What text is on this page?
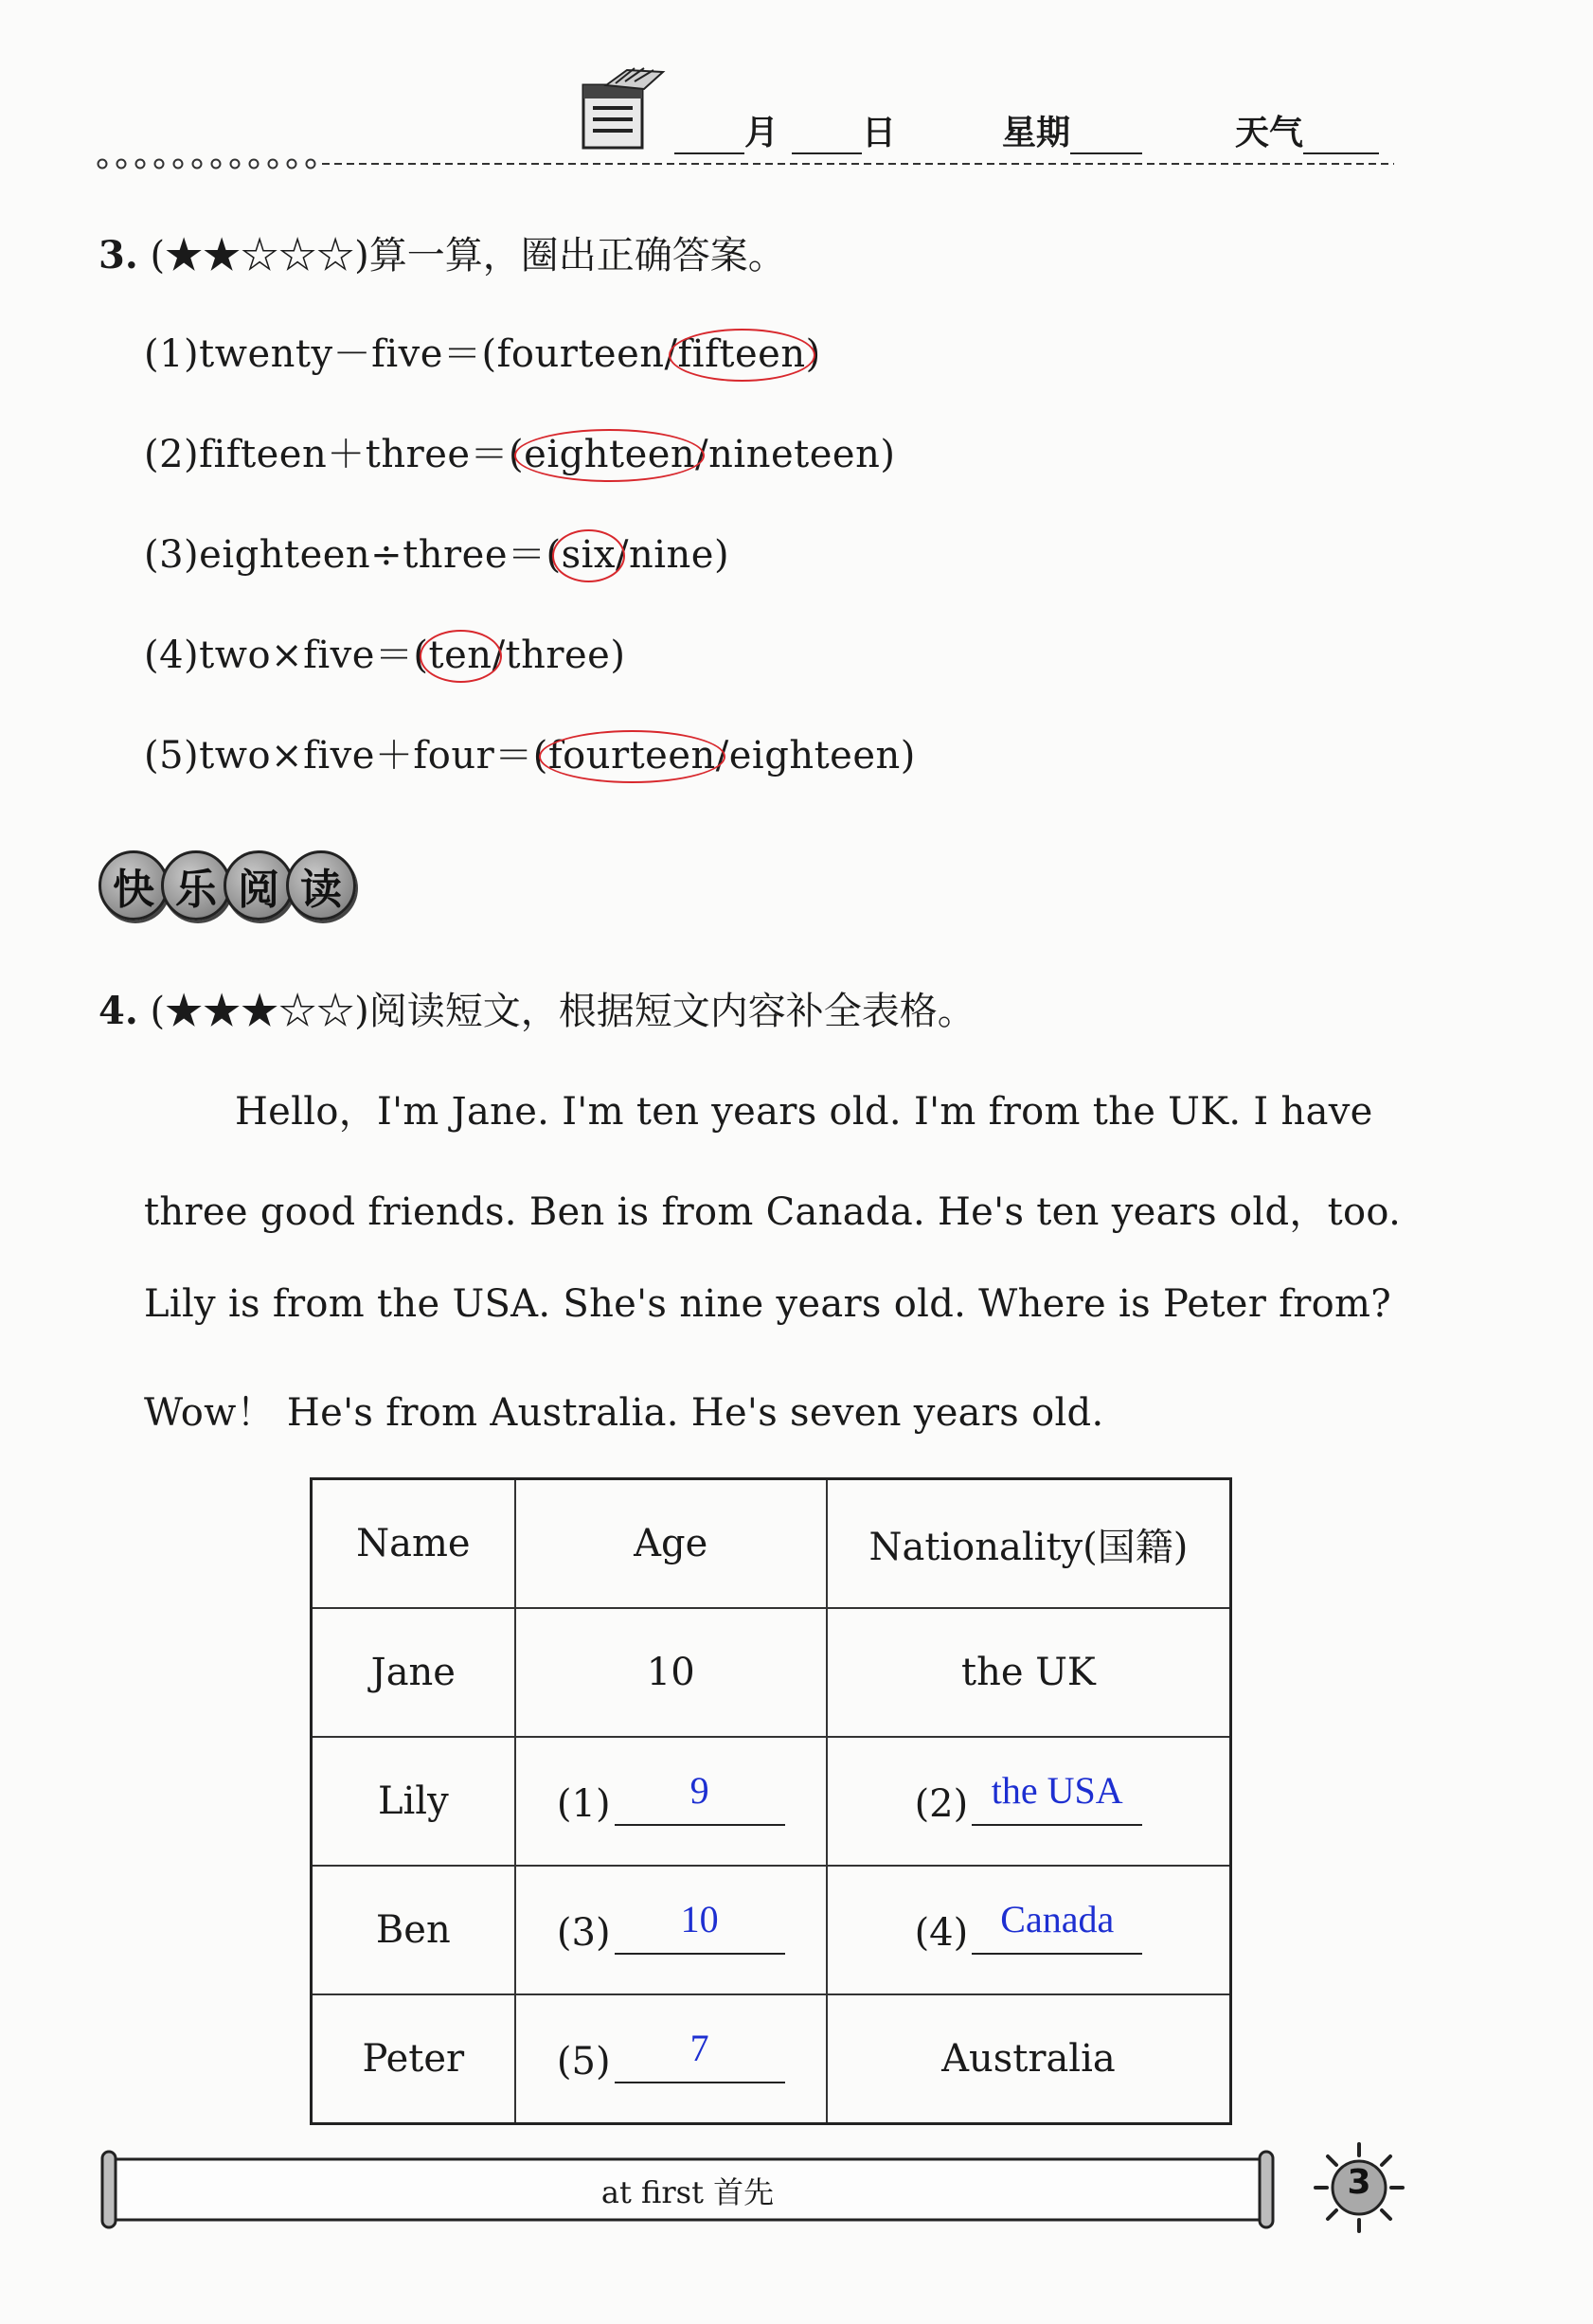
月	日	星期	天气
3. (★★☆☆☆)算一算，圈出正确答案。
(1)twenty－five＝(fourteen/fifteen)
(2)fifteen＋three＝(eighteen/nineteen)
(3)eighteen÷three＝(six/nine)
(4)two×five＝(ten/three)
(5)two×five＋four＝(fourteen/eighteen)
快 乐 阅 读
4. (★★★☆☆)阅读短文，根据短文内容补全表格。
Hello，I'm Jane. I'm ten years old. I'm from the UK. I have
three good friends. Ben is from Canada. He's ten years old，too.
Lily is from the USA. She's nine years old. Where is Peter from?
Wow！ He's from Australia. He's seven years old.
Name	Age	Nationality(国籍)
Jane	10	the UK
Lily	(1) 9	(2) the USA

Ben	(3) 10	(4) Canada

Peter	(5) 7	Australia
at first 首先	3
